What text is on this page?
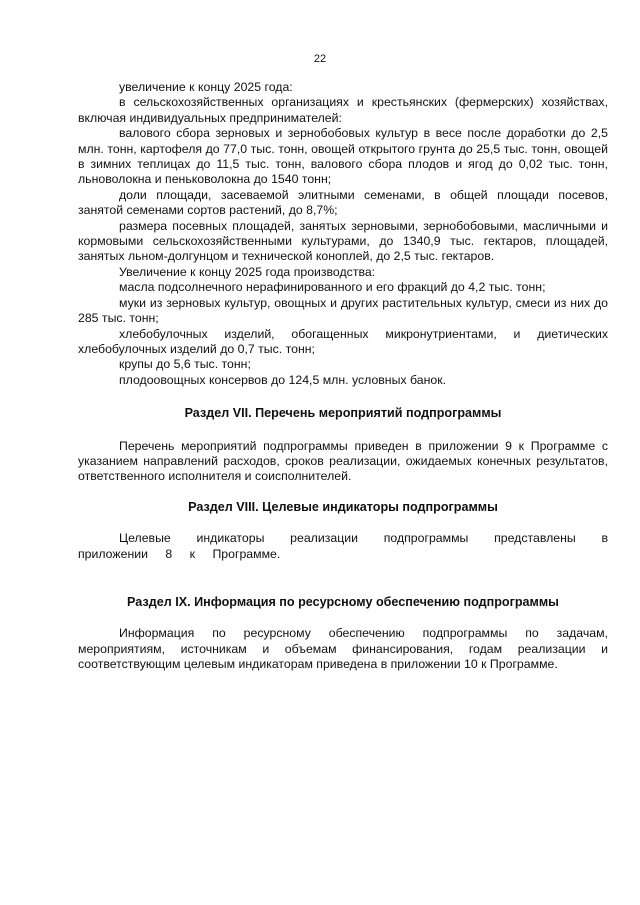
22

увеличение к концу 2025 года:

в сельскохозяйственных организациях и крестьянских (фермерских) хозяйствах, включая индивидуальных предпринимателей:

валового сбора зерновых и зернобобовых культур в весе после доработки до 2,5 млн. тонн, картофеля до 77,0 тыс. тонн, овощей открытого грунта до 25,5 тыс. тонн, овощей в зимних теплицах до 11,5 тыс. тонн, валового сбора плодов и ягод до 0,02 тыс. тонн, льноволокна и пеньковолокна до 1540 тонн;

доли площади, засеваемой элитными семенами, в общей площади посевов, занятой семенами сортов растений, до 8,7%;

размера посевных площадей, занятых зерновыми, зернобобовыми, масличными и кормовыми сельскохозяйственными культурами, до 1340,9 тыс. гектаров, площадей, занятых льном-долгунцом и технической коноплей, до 2,5 тыс. гектаров.

Увеличение к концу 2025 года производства:

масла подсолнечного нерафинированного и его фракций до 4,2 тыс. тонн;

муки из зерновых культур, овощных и других растительных культур, смеси из них до 285 тыс. тонн;

хлебобулочных изделий, обогащенных микронутриентами, и диетических хлебобулочных изделий до 0,7 тыс. тонн;

крупы до 5,6 тыс. тонн;

плодоовощных консервов до 124,5 млн. условных банок.

Раздел VII. Перечень мероприятий подпрограммы

Перечень мероприятий подпрограммы приведен в приложении 9 к Программе с указанием направлений расходов, сроков реализации, ожидаемых конечных результатов, ответственного исполнителя и соисполнителей.

Раздел VIII. Целевые индикаторы подпрограммы

Целевые индикаторы реализации подпрограммы представлены в приложении 8 к Программе.

Раздел IX. Информация по ресурсному обеспечению подпрограммы

Информация по ресурсному обеспечению подпрограммы по задачам, мероприятиям, источникам и объемам финансирования, годам реализации и соответствующим целевым индикаторам приведена в приложении 10 к Программе.
